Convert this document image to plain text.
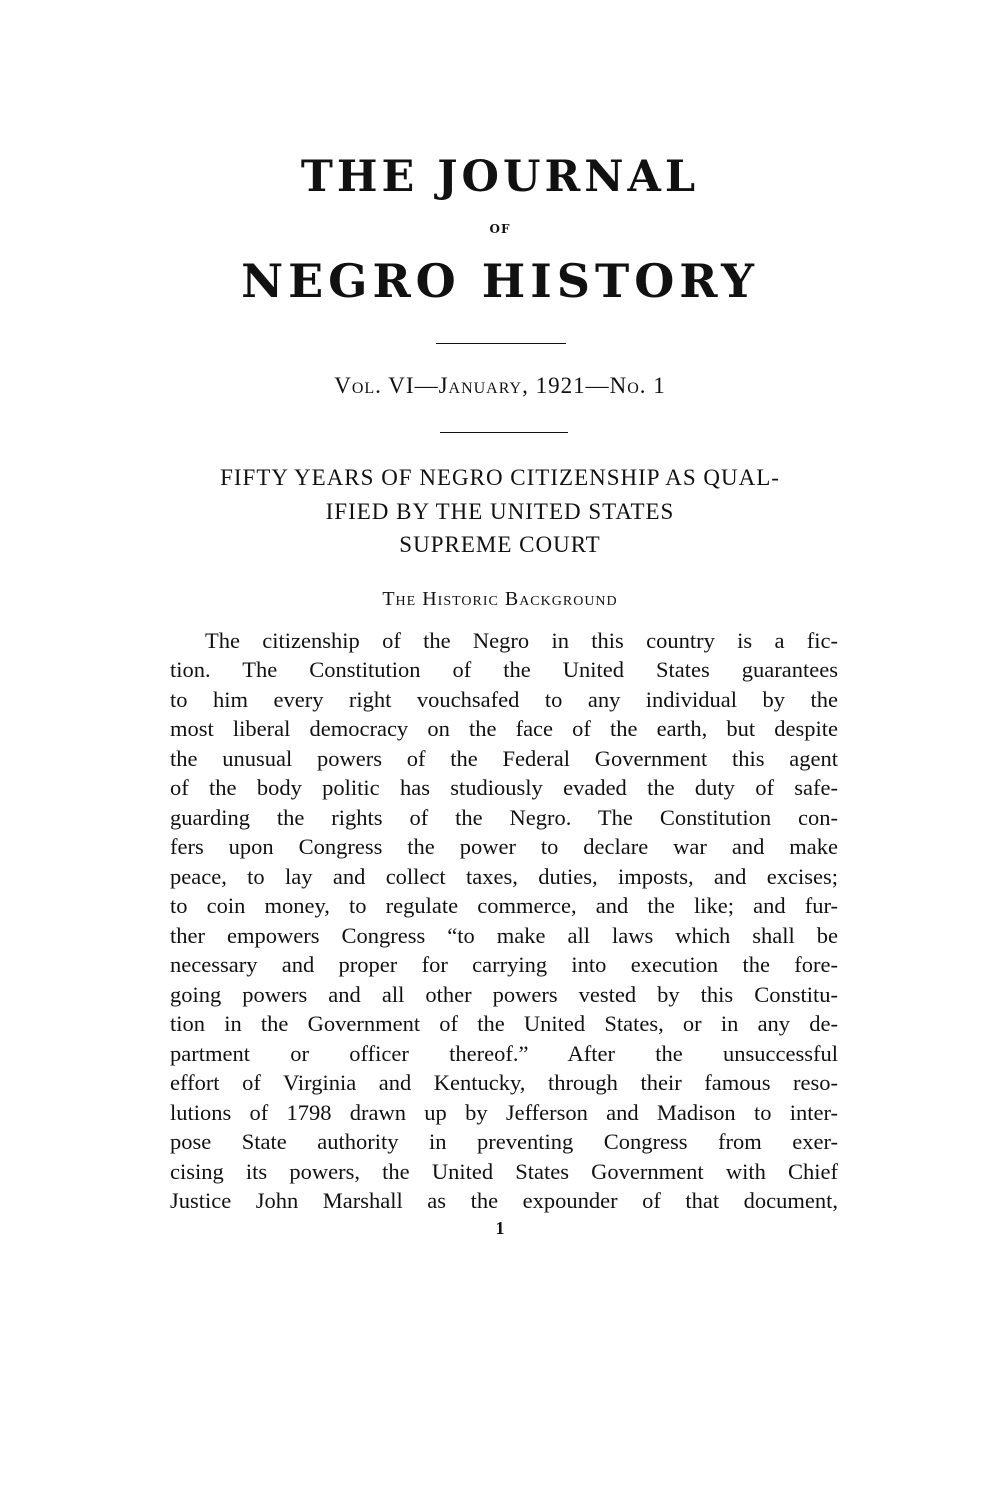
THE JOURNAL
OF
NEGRO HISTORY
Vol. VI—January, 1921—No. 1
FIFTY YEARS OF NEGRO CITIZENSHIP AS QUAL-
IFIED BY THE UNITED STATES
SUPREME COURT
The Historic Background
The citizenship of the Negro in this country is a fic-
tion. The Constitution of the United States guarantees
to him every right vouchsafed to any individual by the
most liberal democracy on the face of the earth, but despite
the unusual powers of the Federal Government this agent
of the body politic has studiously evaded the duty of safe-
guarding the rights of the Negro. The Constitution con-
fers upon Congress the power to declare war and make
peace, to lay and collect taxes, duties, imposts, and excises;
to coin money, to regulate commerce, and the like; and fur-
ther empowers Congress “to make all laws which shall be
necessary and proper for carrying into execution the fore-
going powers and all other powers vested by this Constitu-
tion in the Government of the United States, or in any de-
partment or officer thereof.” After the unsuccessful
effort of Virginia and Kentucky, through their famous reso-
lutions of 1798 drawn up by Jefferson and Madison to inter-
pose State authority in preventing Congress from exer-
cising its powers, the United States Government with Chief
Justice John Marshall as the expounder of that document,
1
